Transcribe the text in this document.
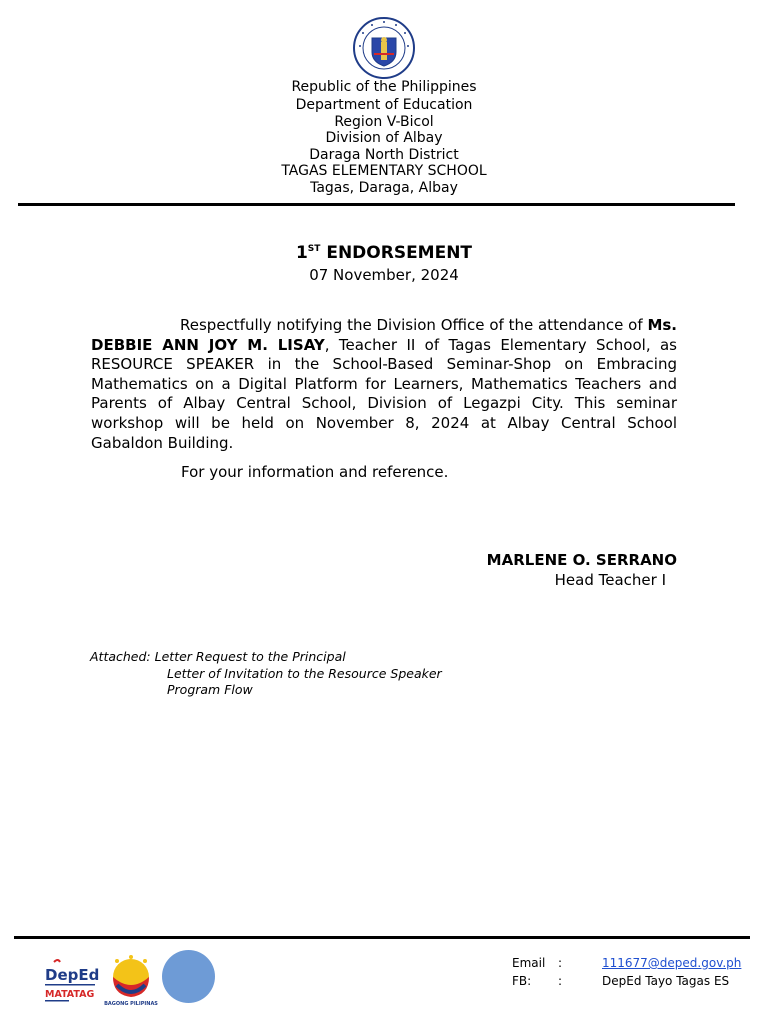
Republic of the Philippines
Department of Education
Region V-Bicol
Division of Albay
Daraga North District
TAGAS ELEMENTARY SCHOOL
Tagas, Daraga, Albay
1ST ENDORSEMENT
07 November, 2024
Respectfully notifying the Division Office of the attendance of Ms. DEBBIE ANN JOY M. LISAY, Teacher II of Tagas Elementary School, as RESOURCE SPEAKER in the School-Based Seminar-Shop on Embracing Mathematics on a Digital Platform for Learners, Mathematics Teachers and Parents of Albay Central School, Division of Legazpi City. This seminar workshop will be held on November 8, 2024 at Albay Central School Gabaldon Building.
For your information and reference.
MARLENE O. SERRANO
Head Teacher I
Attached: Letter Request to the Principal
Letter of Invitation to the Resource Speaker
Program Flow
DepEd
MATATAG
BAGONG PILIPINAS
Email :	111677@deped.gov.ph
FB: :	DepEd Tayo Tagas ES
